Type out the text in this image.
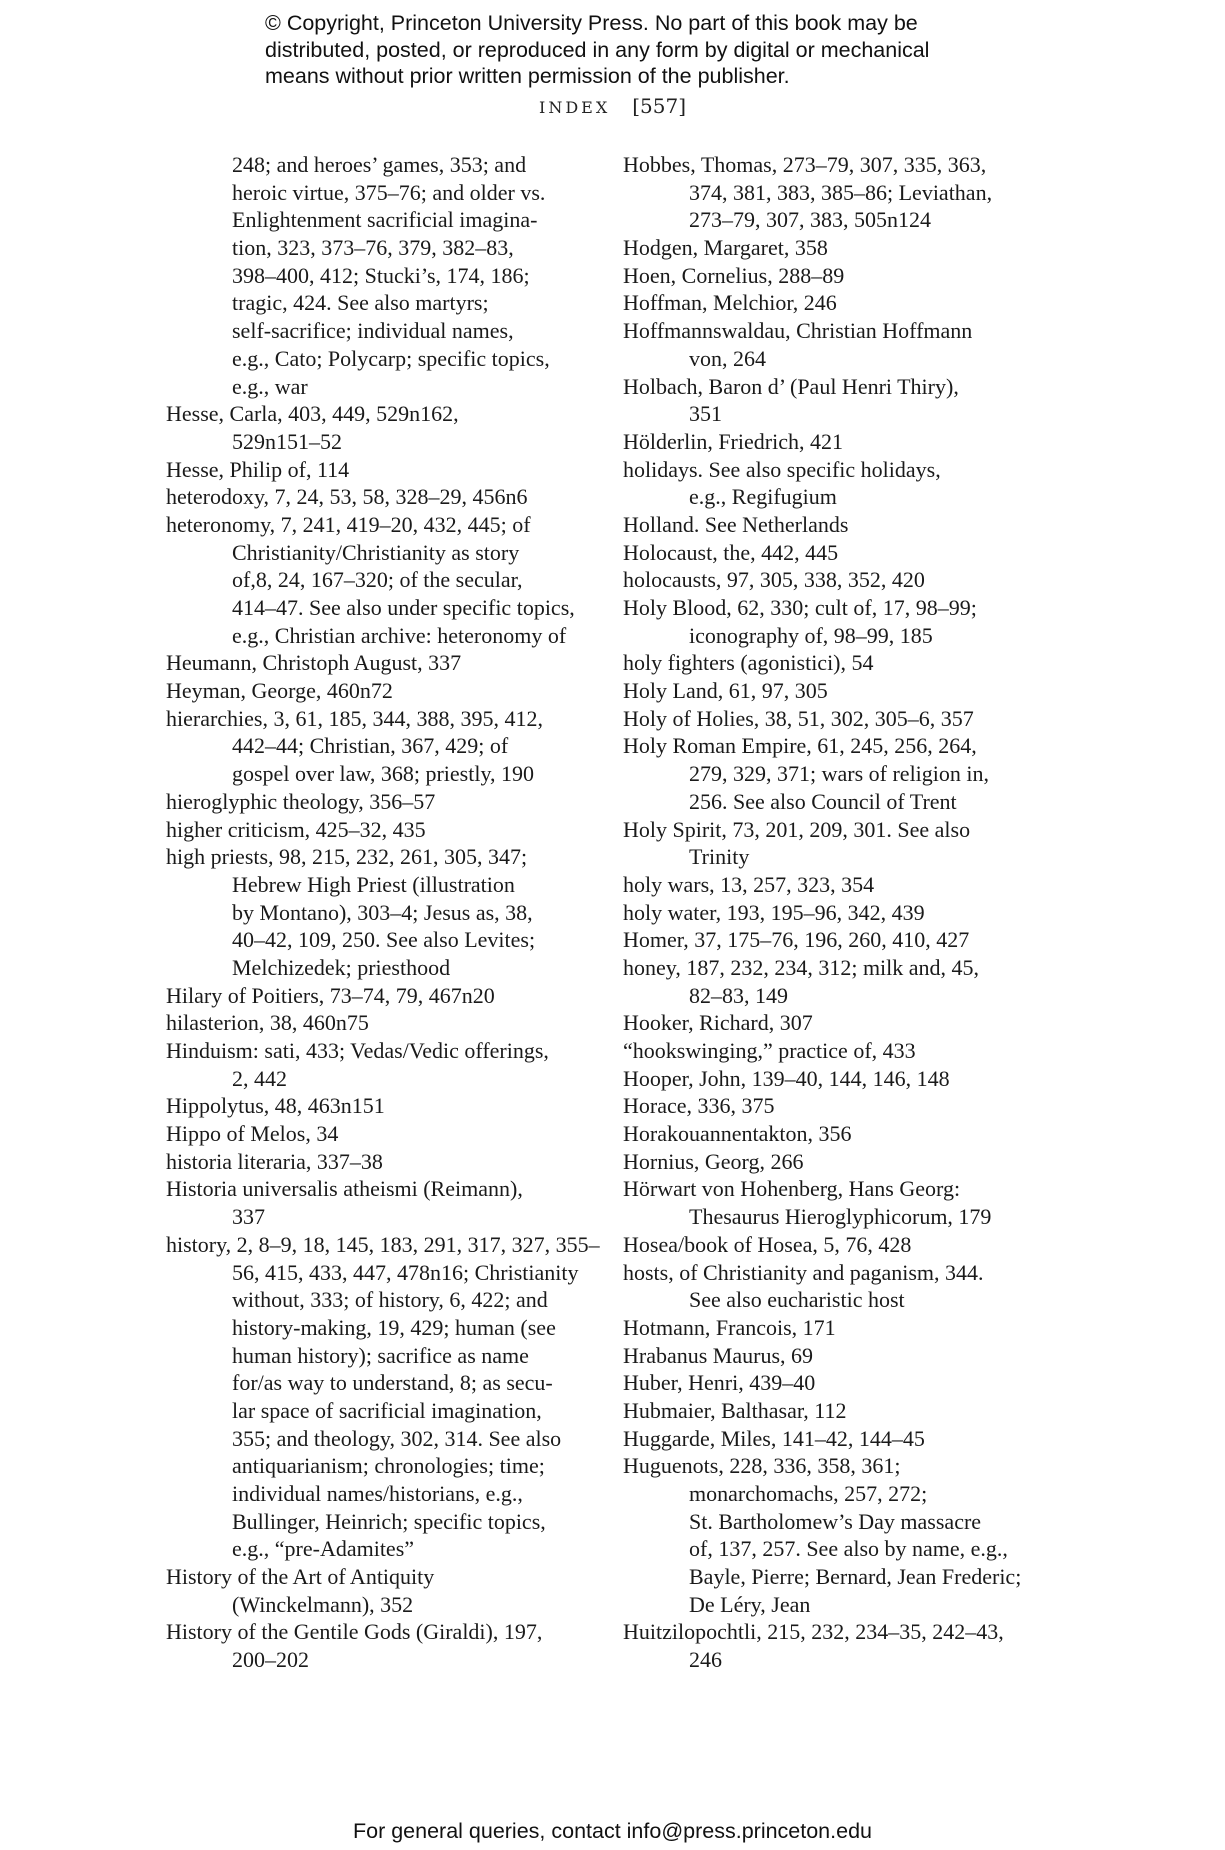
© Copyright, Princeton University Press. No part of this book may be
distributed, posted, or reproduced in any form by digital or mechanical
means without prior written permission of the publisher.
INDEX [557]
248; and heroes’ games, 353; and
heroic virtue, 375–76; and older vs.
Enlightenment sacrificial imagina-
tion, 323, 373–76, 379, 382–83,
398–400, 412; Stucki’s, 174, 186;
tragic, 424. See also martyrs;
self-sacrifice; individual names,
e.g., Cato; Polycarp; specific topics,
e.g., war
Hesse, Carla, 403, 449, 529n162,
529n151–52
Hesse, Philip of, 114
heterodoxy, 7, 24, 53, 58, 328–29, 456n6
heteronomy, 7, 241, 419–20, 432, 445; of
Christianity/Christianity as story
of,8, 24, 167–320; of the secular,
414–47. See also under specific topics,
e.g., Christian archive: heteronomy of
Heumann, Christoph August, 337
Heyman, George, 460n72
hierarchies, 3, 61, 185, 344, 388, 395, 412,
442–44; Christian, 367, 429; of
gospel over law, 368; priestly, 190
hieroglyphic theology, 356–57
higher criticism, 425–32, 435
high priests, 98, 215, 232, 261, 305, 347;
Hebrew High Priest (illustration
by Montano), 303–4; Jesus as, 38,
40–42, 109, 250. See also Levites;
Melchizedek; priesthood
Hilary of Poitiers, 73–74, 79, 467n20
hilasterion, 38, 460n75
Hinduism: sati, 433; Vedas/Vedic offerings,
2, 442
Hippolytus, 48, 463n151
Hippo of Melos, 34
historia literaria, 337–38
Historia universalis atheismi (Reimann),
337
history, 2, 8–9, 18, 145, 183, 291, 317, 327, 355–
56, 415, 433, 447, 478n16; Christianity
without, 333; of history, 6, 422; and
history-making, 19, 429; human (see
human history); sacrifice as name
for/as way to understand, 8; as secu-
lar space of sacrificial imagination,
355; and theology, 302, 314. See also
antiquarianism; chronologies; time;
individual names/historians, e.g.,
Bullinger, Heinrich; specific topics,
e.g., “pre-Adamites”
History of the Art of Antiquity
(Winckelmann), 352
History of the Gentile Gods (Giraldi), 197,
200–202
Hobbes, Thomas, 273–79, 307, 335, 363,
374, 381, 383, 385–86; Leviathan,
273–79, 307, 383, 505n124
Hodgen, Margaret, 358
Hoen, Cornelius, 288–89
Hoffman, Melchior, 246
Hoffmannswaldau, Christian Hoffmann
von, 264
Holbach, Baron d’ (Paul Henri Thiry),
351
Hölderlin, Friedrich, 421
holidays. See also specific holidays,
e.g., Regifugium
Holland. See Netherlands
Holocaust, the, 442, 445
holocausts, 97, 305, 338, 352, 420
Holy Blood, 62, 330; cult of, 17, 98–99;
iconography of, 98–99, 185
holy fighters (agonistici), 54
Holy Land, 61, 97, 305
Holy of Holies, 38, 51, 302, 305–6, 357
Holy Roman Empire, 61, 245, 256, 264,
279, 329, 371; wars of religion in,
256. See also Council of Trent
Holy Spirit, 73, 201, 209, 301. See also
Trinity
holy wars, 13, 257, 323, 354
holy water, 193, 195–96, 342, 439
Homer, 37, 175–76, 196, 260, 410, 427
honey, 187, 232, 234, 312; milk and, 45,
82–83, 149
Hooker, Richard, 307
“hookswinging,” practice of, 433
Hooper, John, 139–40, 144, 146, 148
Horace, 336, 375
Horakouannentakton, 356
Hornius, Georg, 266
Hörwart von Hohenberg, Hans Georg:
Thesaurus Hieroglyphicorum, 179
Hosea/book of Hosea, 5, 76, 428
hosts, of Christianity and paganism, 344.
See also eucharistic host
Hotmann, Francois, 171
Hrabanus Maurus, 69
Huber, Henri, 439–40
Hubmaier, Balthasar, 112
Huggarde, Miles, 141–42, 144–45
Huguenots, 228, 336, 358, 361;
monarchomachs, 257, 272;
St. Bartholomew’s Day massacre
of, 137, 257. See also by name, e.g.,
Bayle, Pierre; Bernard, Jean Frederic;
De Léry, Jean
Huitzilopochtli, 215, 232, 234–35, 242–43,
246
For general queries, contact info@press.princeton.edu
